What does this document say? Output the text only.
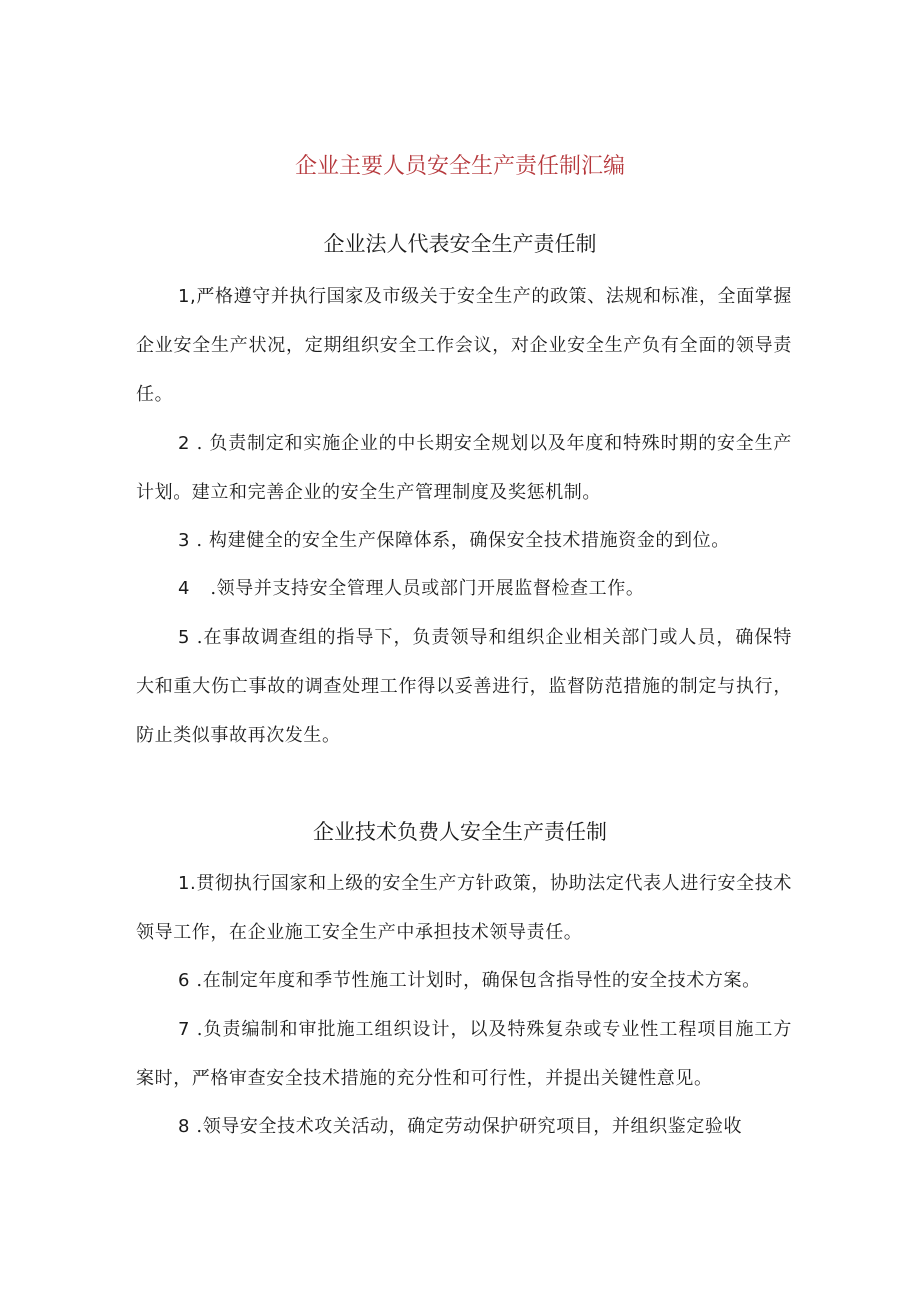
企业主要人员安全生产责任制汇编
企业法人代表安全生产责任制
1,严格遵守并执行国家及市级关于安全生产的政策、法规和标准，全面掌握企业安全生产状况，定期组织安全工作会议，对企业安全生产负有全面的领导责任。
2 . 负责制定和实施企业的中长期安全规划以及年度和特殊时期的安全生产计划。建立和完善企业的安全生产管理制度及奖惩机制。
3 . 构建健全的安全生产保障体系，确保安全技术措施资金的到位。
4 .领导并支持安全管理人员或部门开展监督检查工作。
5 .在事故调查组的指导下，负责领导和组织企业相关部门或人员，确保特大和重大伤亡事故的调查处理工作得以妥善进行，监督防范措施的制定与执行，防止类似事故再次发生。
企业技术负费人安全生产责任制
1.贯彻执行国家和上级的安全生产方针政策，协助法定代表人进行安全技术领导工作，在企业施工安全生产中承担技术领导责任。
6 .在制定年度和季节性施工计划时，确保包含指导性的安全技术方案。
7 .负责编制和审批施工组织设计，以及特殊复杂或专业性工程项目施工方案时，严格审查安全技术措施的充分性和可行性，并提出关键性意见。
8 .领导安全技术攻关活动，确定劳动保护研究项目，并组织鉴定验收
